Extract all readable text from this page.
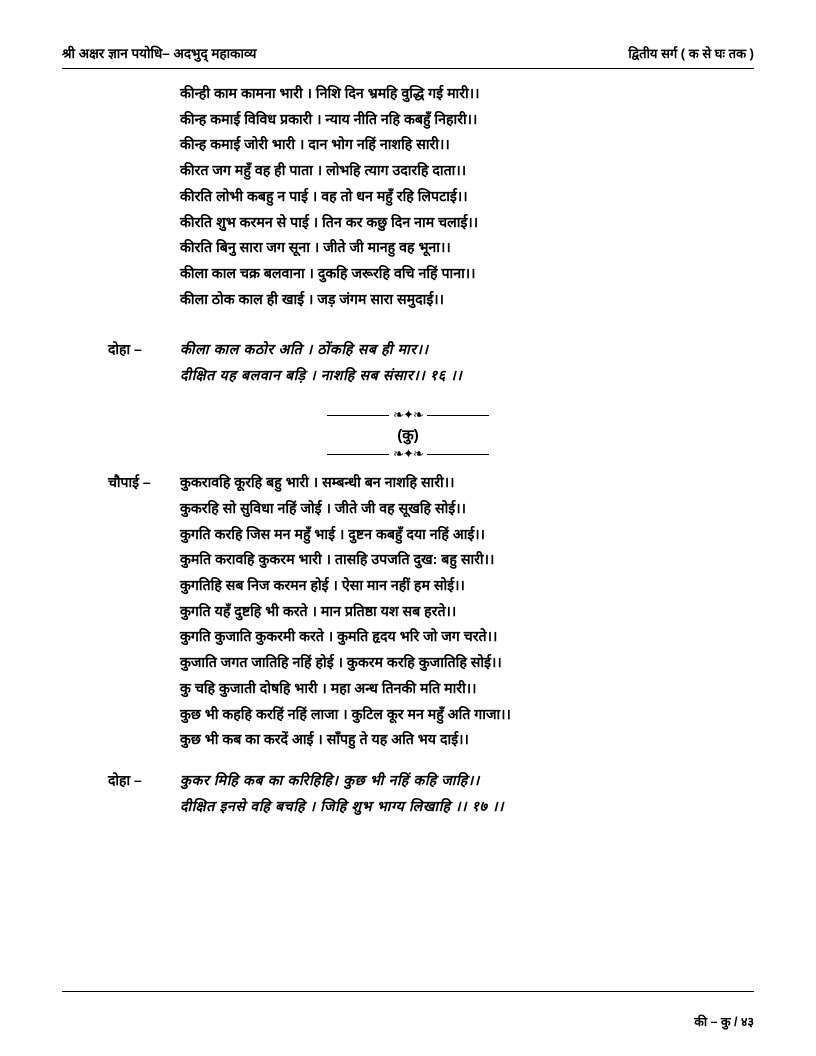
श्री अक्षर ज्ञान पयोधि– अदभुद् महाकाव्य	द्वितीय सर्ग ( क से घः तक )
कीन्ही काम कामना भारी । निशि दिन भ्रमहि वुद्धि गई मारी।।
कीन्ह कमाई विविध प्रकारी । न्याय नीति नहि कबहुँ निहारी।।
कीन्ह कमाई जोरी भारी । दान भोग नहिं नाशहि सारी।।
कीरत जग महुँ वह ही पाता । लोभहि त्याग उदारहि दाता।।
कीरति लोभी कबहु न पाई । वह तो धन महुँ रहि लिपटाई।।
कीरति शुभ करमन से पाई । तिन कर कछु दिन नाम चलाई।।
कीरति बिनु सारा जग सूना । जीते जी मानहु वह भूना।।
कीला काल चक्र बलवाना । दुकहि जरूरहि वचि नहिं पाना।।
कीला ठोक काल ही खाई । जड़ जंगम सारा समुदाई।।
दोहा –	कीला काल कठोर अति । ठोंकहि सब ही मार।।
दीक्षित यह बलवान बड़ि । नाशहि सब संसार।। १६ ।।
❧✦❧
(कु)
❧✦❧
चौपाई –	कुकरावहि कूरहि बहु भारी । सम्बन्धी बन नाशहि सारी।।
कुकरहि सो सुविधा नहिं जोई । जीते जी वह सूखहि सोई।।
कुगति करहि जिस मन महुँ भाई । दुष्टन कबहुँ दया नहिं आई।।
कुमति करावहि कुकरम भारी । तासहि उपजति दुख: बहु सारी।।
कुगतिहि सब निज करमन होई । ऐसा मान नहीं हम सोई।।
कुगति यहँ दुष्टहि भी करते । मान प्रतिष्ठा यश सब हरते।।
कुगति कुजाति कुकरमी करते । कुमति हृदय भरि जो जग चरते।।
कुजाति जगत जातिहि नहिं होई । कुकरम करहि कुजातिहि सोई।।
कु चहि कुजाती दोषहि भारी । महा अन्ध तिनकी मति मारी।।
कुछ भी कहहि करहिं नहिं लाजा । कुटिल कूर मन महुँ अति गाजा।।
कुछ भी कब का करदें आई । साँपहु ते यह अति भय दाई।।
दोहा –	कुकर मिहि कब का करिहिहि। कुछ भी नहिं कहि जाहि।।
दीक्षित इनसे वहि बचहि । जिहि शुभ भाग्य लिखाहि ।। १७ ।।
की – कु / ४३
